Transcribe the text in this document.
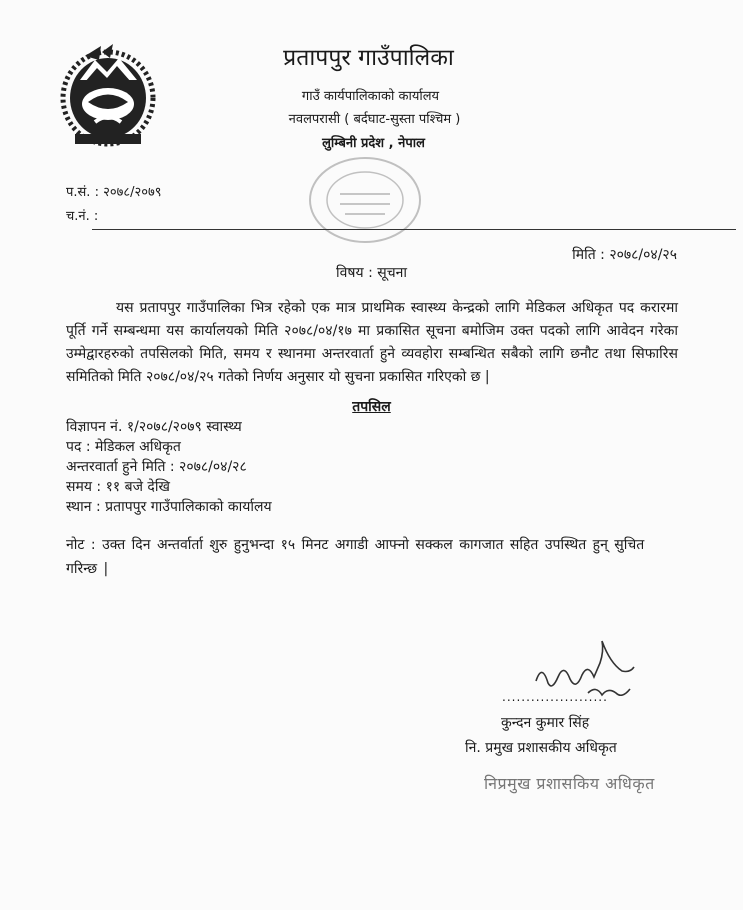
प्रतापपुर गाउँपालिका
गाउँ कार्यपालिकाको कार्यालय
नवलपरासी ( बर्दघाट-सुस्ता पश्चिम )
लुम्बिनी प्रदेश , नेपाल
प.सं. : २०७८/२०७९
च.नं. :
मिति : २०७८/०४/२५
विषय : सूचना
यस प्रतापपुर गाउँपालिका भित्र रहेको एक मात्र प्राथमिक स्वास्थ्य केन्द्रको लागि मेडिकल अधिकृत पद करारमा पूर्ति गर्ने सम्बन्धमा यस कार्यालयको मिति २०७८/०४/१७ मा प्रकासित सूचना बमोजिम उक्त पदको लागि आवेदन गरेका उम्मेद्वारहरुको तपसिलको मिति, समय र स्थानमा अन्तरवार्ता हुने व्यवहोरा सम्बन्धित सबैको लागि छनौट तथा सिफारिस समितिको मिति २०७८/०४/२५ गतेको निर्णय अनुसार यो सुचना प्रकासित गरिएको छ |
तपसिल
विज्ञापन नं. १/२०७८/२०७९ स्वास्थ्य
पद : मेडिकल अधिकृत
अन्तरवार्ता हुने मिति : २०७८/०४/२८
समय : ११ बजे देखि
स्थान : प्रतापपुर गाउँपालिकाको कार्यालय
नोट : उक्त दिन अन्तर्वार्ता शुरु हुनुभन्दा १५ मिनट अगाडी आफ्नो सक्कल कागजात सहित उपस्थित हुन् सुचित गरिन्छ |
......................
कुन्दन कुमार सिंह
नि. प्रमुख प्रशासकीय अधिकृत
निप्रमुख प्रशासकिय अधिकृत
